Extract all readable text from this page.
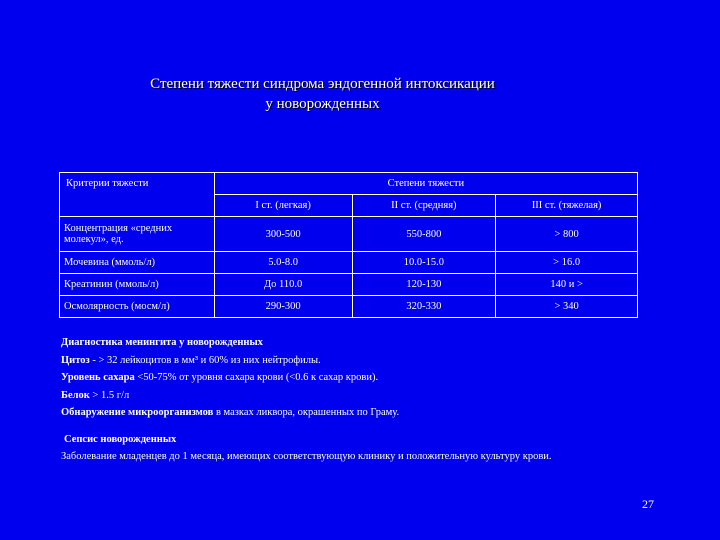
Степени тяжести синдрома эндогенной интоксикации
у новорожденных
Критерии тяжести	Степени тяжести		
	I ст. (легкая)	II ст. (средняя)	III ст. (тяжелая)
Концентрация «средних молекул», ед.	300-500	550-800	> 800
Мочевина (ммоль/л)	5.0-8.0	10.0-15.0	> 16.0
Креатинин (ммоль/л)	До 110.0	120-130	140 и >
Осмолярность (мосм/л)	290-300	320-330	> 340

Диагностика менингита у новорожденных

Цитоз - > 32 лейкоцитов в мм³ и 60% из них нейтрофилы.

Уровень сахара <50-75% от уровня сахара крови (<0.6 к сахар крови).

Белок > 1.5 г/л

Обнаружение микроорганизмов в мазках ликвора, окрашенных по Граму.

Сепсис новорожденных

Заболевание младенцев до 1 месяца, имеющих соответствующую клинику и положительную культуру крови.

27
